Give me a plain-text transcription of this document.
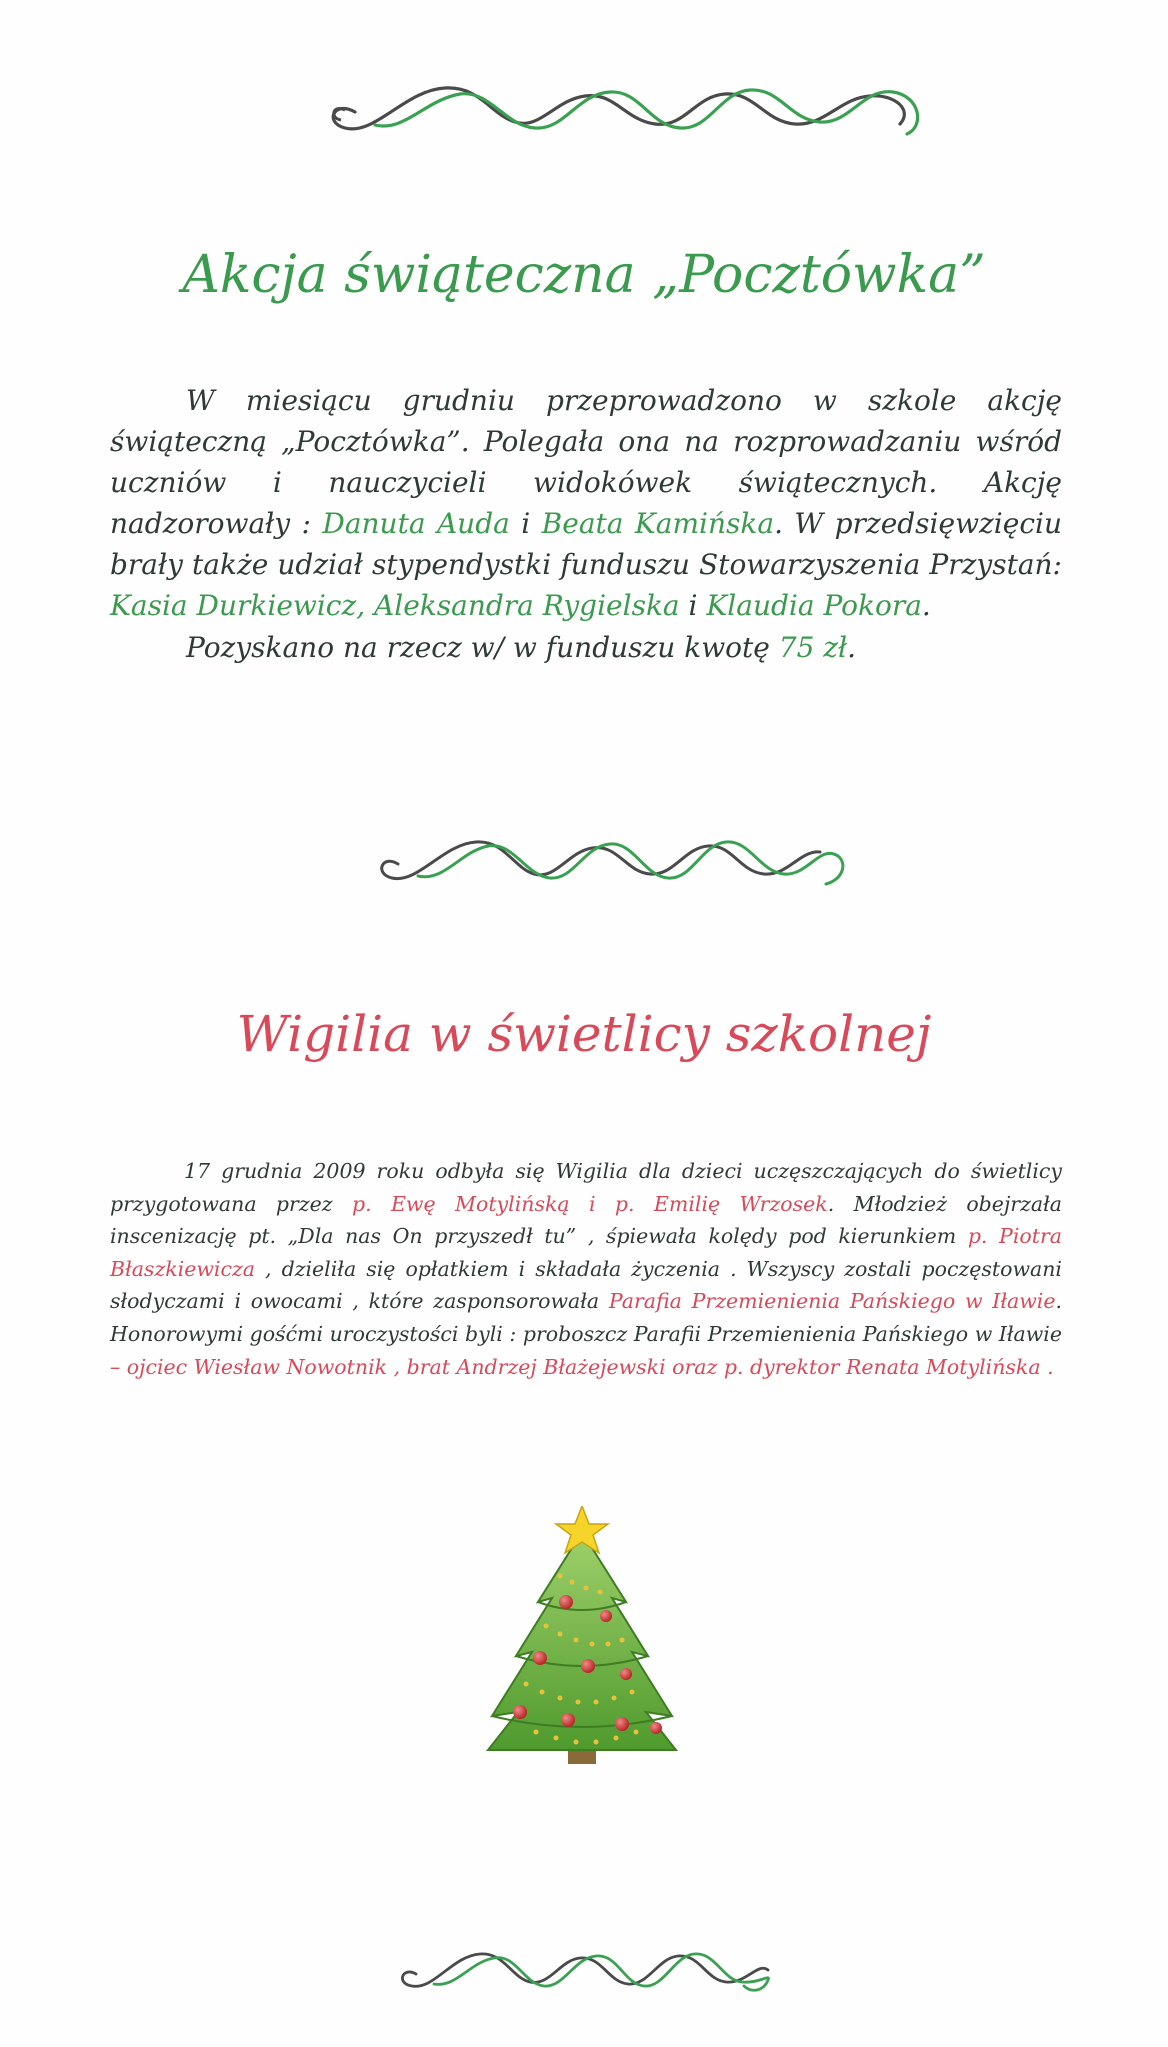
Akcja świąteczna „Pocztówka”

W miesiącu grudniu przeprowadzono w szkole akcję świąteczną „Pocztówka”. Polegała ona na rozprowadzaniu wśród uczniów i nauczycieli widokówek świątecznych. Akcję nadzorowały : Danuta Auda i Beata Kamińska. W przedsięwzięciu brały także udział stypendystki funduszu Stowarzyszenia Przystań: Kasia Durkiewicz, Aleksandra Rygielska i Klaudia Pokora.

Pozyskano na rzecz w/ w funduszu kwotę 75 zł.

Wigilia w świetlicy szkolnej

17 grudnia 2009 roku odbyła się Wigilia dla dzieci uczęszczających do świetlicy przygotowana przez p. Ewę Motylińską i p. Emilię Wrzosek. Młodzież obejrzała inscenizację pt. „Dla nas On przyszedł tu” , śpiewała kolędy pod kierunkiem p. Piotra Błaszkiewicza , dzieliła się opłatkiem i składała życzenia . Wszyscy zostali poczęstowani słodyczami i owocami , które zasponsorowała Parafia Przemienienia Pańskiego w Iławie. Honorowymi gośćmi uroczystości byli : proboszcz Parafii Przemienienia Pańskiego w Iławie – ojciec Wiesław Nowotnik , brat Andrzej Błażejewski oraz p. dyrektor Renata Motylińska .
